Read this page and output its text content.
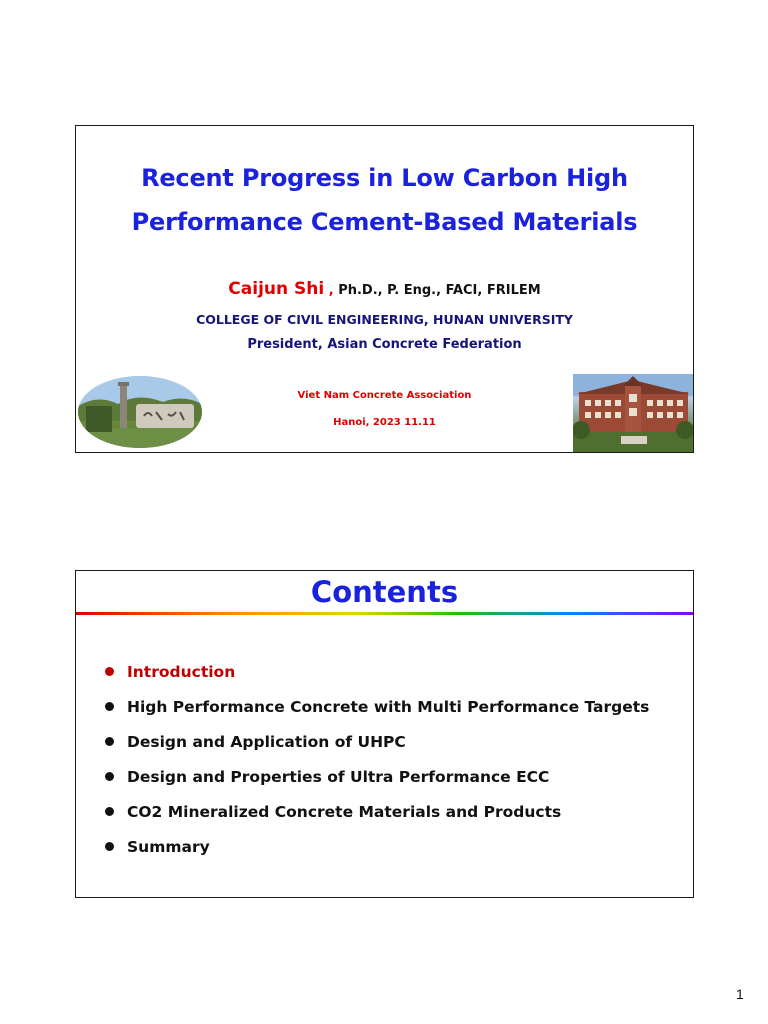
Recent Progress in Low Carbon High
Performance Cement-Based Materials
Caijun Shi , Ph.D., P. Eng., FACI, FRILEM
COLLEGE OF CIVIL ENGINEERING, HUNAN UNIVERSITY
President, Asian Concrete Federation
Viet Nam Concrete Association
Hanoi, 2023 11.11
Contents
Introduction
High Performance Concrete with Multi Performance Targets
Design and Application of UHPC
Design and Properties of Ultra Performance ECC
CO2 Mineralized Concrete Materials and Products
Summary
1
